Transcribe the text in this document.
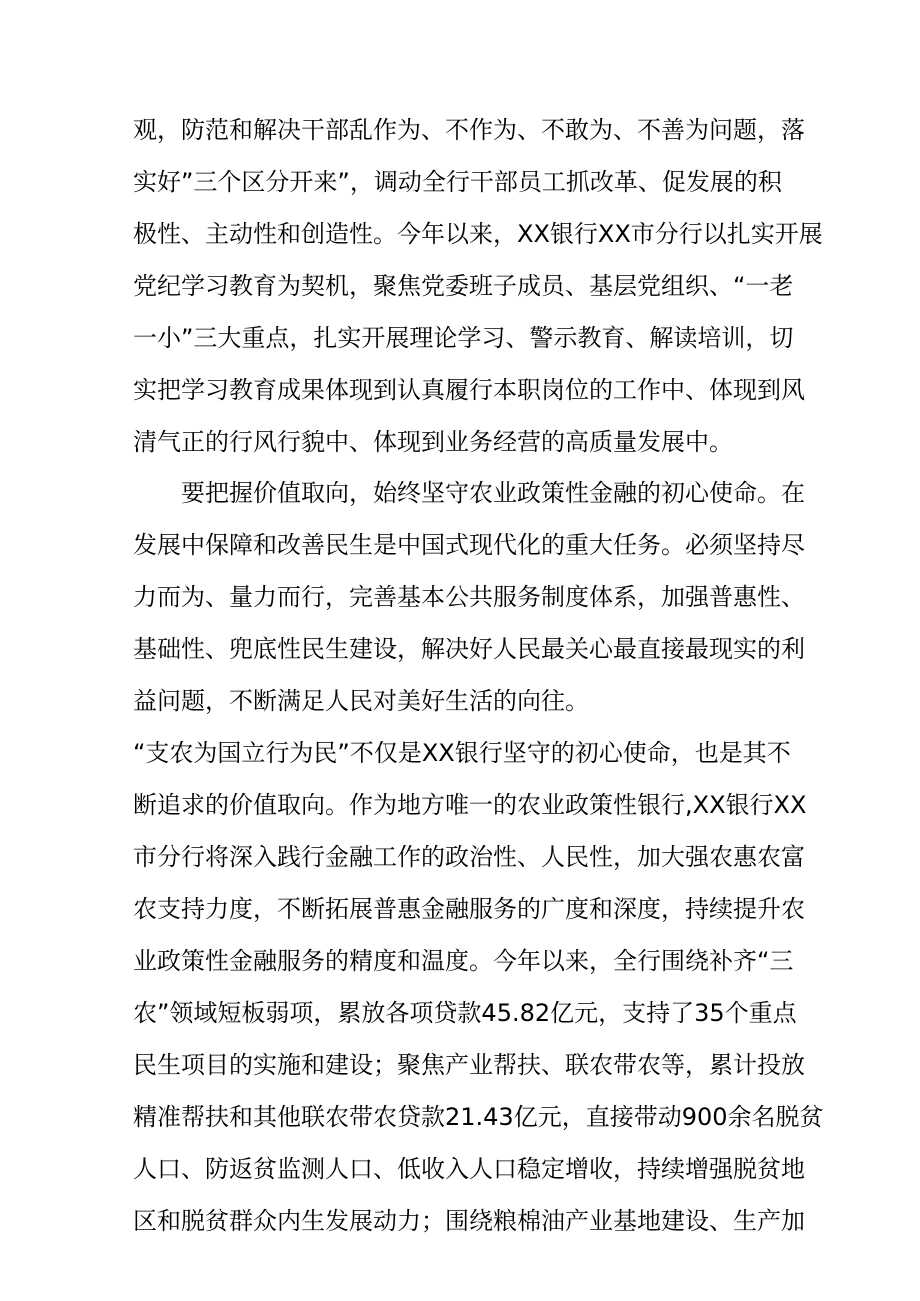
观，防范和解决干部乱作为、不作为、不敢为、不善为问题，落
实好”三个区分开来”，调动全行干部员工抓改革、促发展的积
极性、主动性和创造性。今年以来，XX银行XX市分行以扎实开展
党纪学习教育为契机，聚焦党委班子成员、基层党组织、“一老
一小”三大重点，扎实开展理论学习、警示教育、解读培训，切
实把学习教育成果体现到认真履行本职岗位的工作中、体现到风
清气正的行风行貌中、体现到业务经营的高质量发展中。
　　要把握价值取向，始终坚守农业政策性金融的初心使命。在
发展中保障和改善民生是中国式现代化的重大任务。必须坚持尽
力而为、量力而行，完善基本公共服务制度体系，加强普惠性、
基础性、兜底性民生建设，解决好人民最关心最直接最现实的利
益问题，不断满足人民对美好生活的向往。
“支农为国立行为民”不仅是XX银行坚守的初心使命，也是其不
断追求的价值取向。作为地方唯一的农业政策性银行,XX银行XX
市分行将深入践行金融工作的政治性、人民性，加大强农惠农富
农支持力度，不断拓展普惠金融服务的广度和深度，持续提升农
业政策性金融服务的精度和温度。今年以来，全行围绕补齐“三
农”领域短板弱项，累放各项贷款45.82亿元，支持了35个重点
民生项目的实施和建设；聚焦产业帮扶、联农带农等，累计投放
精准帮扶和其他联农带农贷款21.43亿元，直接带动900余名脱贫
人口、防返贫监测人口、低收入人口稳定增收，持续增强脱贫地
区和脱贫群众内生发展动力；围绕粮棉油产业基地建设、生产加
